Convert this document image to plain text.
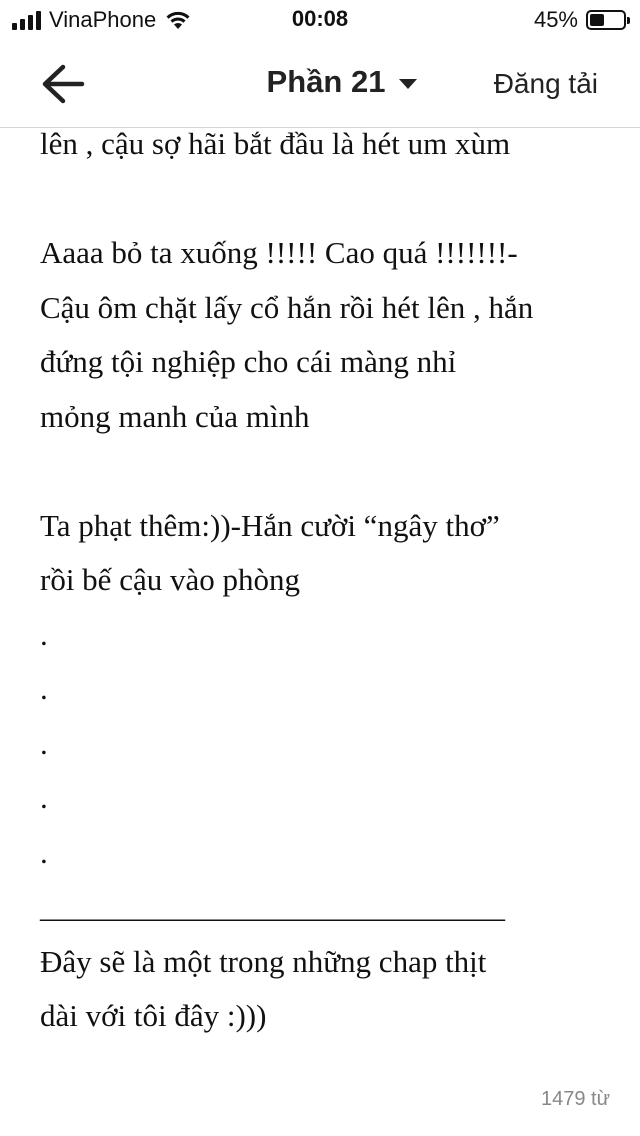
VinaPhone	00:08	45%
Phần 21	Đăng tải
lên , cậu sợ hãi bắt đầu là hét um xùm
Aaaa bỏ ta xuống !!!!! Cao quá !!!!!!!-
Cậu ôm chặt lấy cổ hắn rồi hét lên , hắn
đứng tội nghiệp cho cái màng nhỉ
mỏng manh của mình
Ta phạt thêm:))-Hắn cười “ngây thơ”
rồi bế cậu vào phòng
.
.
.
.
.
______________________________
Đây sẽ là một trong những chap thịt
dài với tôi đây :)))
1479 từ
